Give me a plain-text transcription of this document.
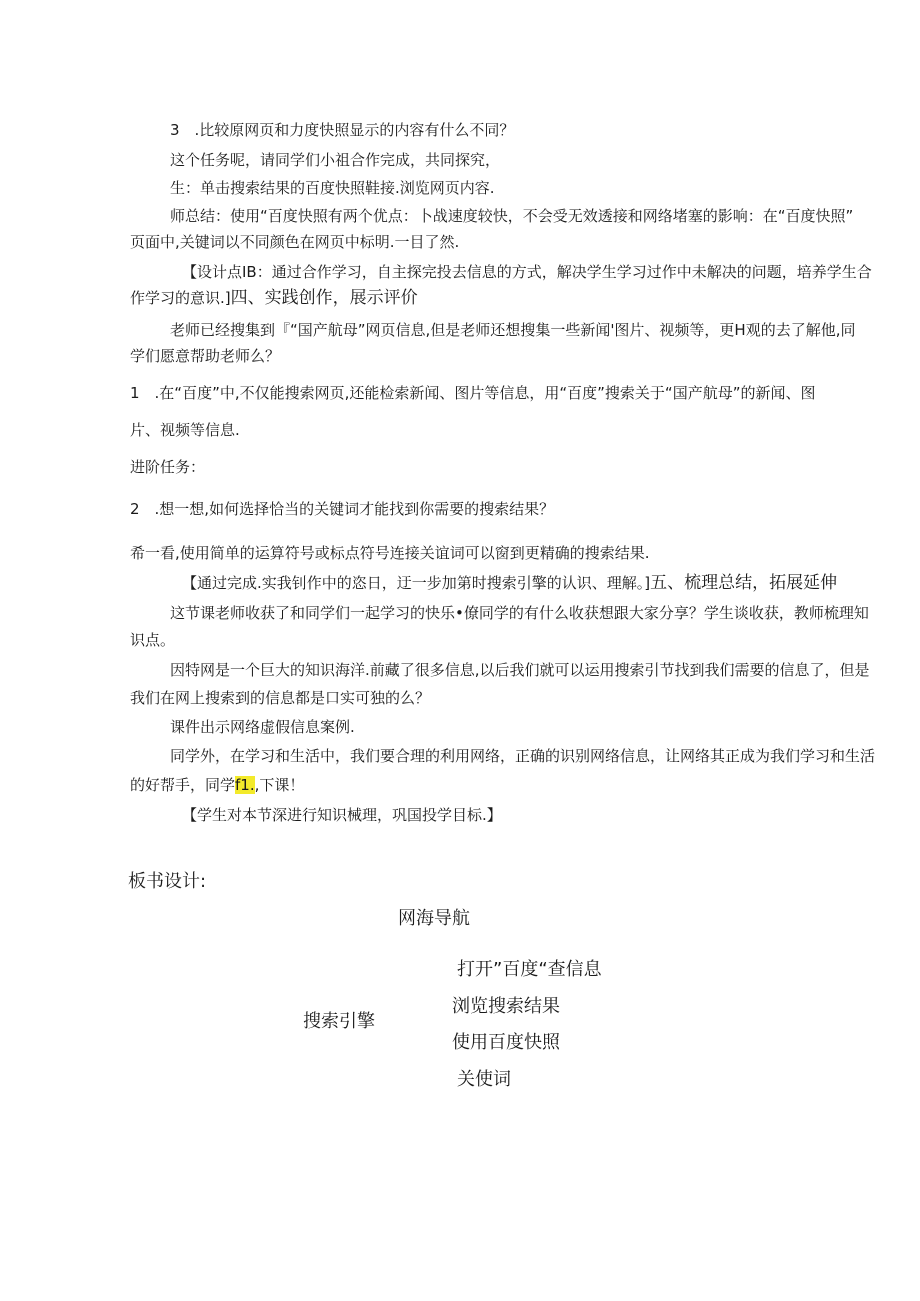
3　.比较原网页和力度快照显示的内容有什么不同？
这个任务呢，请同学们小祖合作完成，共同探究，
生：单击搜索结果的百度快照鞋接.浏览网页内容.
师总结：使用“百度快照有两个优点：卜战速度较快，不会受无效透接和网络堵塞的影响：在“百度快照”
页面中,关键词以不同颜色在网页中标明.一目了然.
【设计点IB：通过合作学习，自主探完投去信息的方式，解决学生学习过作中未解决的问题，培养学生合
作学习的意识.]四、实践创作，展示评价
老师已经搜集到『“国产航母”网页信息,但是老师还想搜集一些新闻'图片、视频等，更H观的去了解他,同
学们愿意帮助老师么？
1　.在“百度”中,不仅能搜索网页,还能检索新闻、图片等信息，用“百度”搜索关于“国产航母”的新闻、图
片、视频等信息.
进阶任务：
2　.想一想,如何选择恰当的关键词才能找到你需要的搜索结果？
希一看,使用简单的运算符号或标点符号连接关谊词可以窗到更精确的搜索结果.
【通过完成.实我钊作中的恣日，迂一步加第时搜索引擎的认识、理解。]五、梳理总结，拓展延伸
这节课老师收获了和同学们一起学习的快乐•僚同学的有什么收获想跟大家分享？学生谈收获，教师梳理知
识点。
因特网是一个巨大的知识海洋.前藏了很多信息,以后我们就可以运用搜索引节找到我们需要的信息了，但是
我们在网上搜索到的信息都是口实可独的么？
课件出示网络虚假信息案例.
同学外，在学习和生活中，我们要合理的利用网络，正确的识别网络信息，让网络其正成为我们学习和生活
的好帮手，同学f1.,下课！
【学生对本节深进行知识械理，巩国投学目标.】
板书设计:
网海导航
搜索引擎
打开”百度“查信息
浏览搜索结果
使用百度快照
关使词
